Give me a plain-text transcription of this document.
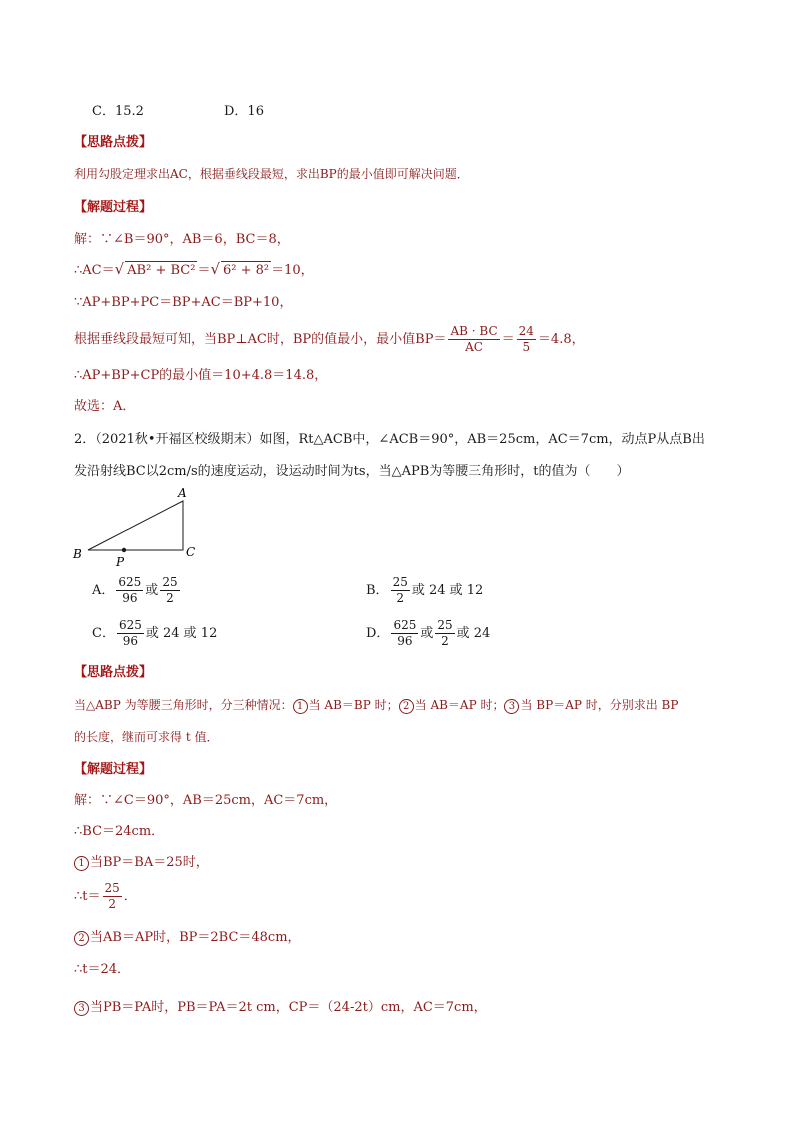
C．15.2	D．16
【思路点拨】
利用勾股定理求出AC，根据垂线段最短，求出BP的最小值即可解决问题．
【解题过程】
解：∵∠B＝90°，AB＝6，BC＝8，
∴AC＝√ AB² + BC² ＝√ 6² + 8² ＝10，
∵AP+BP+PC＝BP+AC＝BP+10，
根据垂线段最短可知，当BP⊥AC时，BP的值最小，最小值$BP= \frac{AB \cdot BC}{AC} = \frac{24}{5} =4.8$，
∴AP+BP+CP的最小值＝10+4.8＝14.8，
故选：A．
2．（2021秋•开福区校级期末）如图，Rt△ACB中，∠ACB＝90°，AB＝25cm，AC＝7cm，动点P从点B出
发沿射线BC以2cm/s的速度运动，设运动时间为ts，当△APB为等腰三角形时，t的值为（　　）
A
B	C
P
A． $\frac{625}{96}$ 或 $\frac{25}{2}$	B． $\frac{25}{2}$ 或 24 或 12
C． $\frac{625}{96}$ 或 24 或 12	D． $\frac{625}{96}$ 或 $\frac{25}{2}$ 或 24
【思路点拨】
当△ABP 为等腰三角形时，分三种情况： 1 当 AB＝BP 时； 2 当 AB＝AP 时； 3 当 BP＝AP 时，分别求出 BP
的长度，继而可求得 t 值．
【解题过程】
解：∵∠C＝90°，AB＝25cm，AC＝7cm，
∴BC＝24cm．
1 当BP＝BA＝25时，
∴t＝ $\frac{25}{2}$ ．
2 当AB＝AP时，BP＝2BC＝48cm，
∴t＝24．
3 当PB＝PA时，PB＝PA＝2t cm，CP＝（24-2t）cm，AC＝7cm，
